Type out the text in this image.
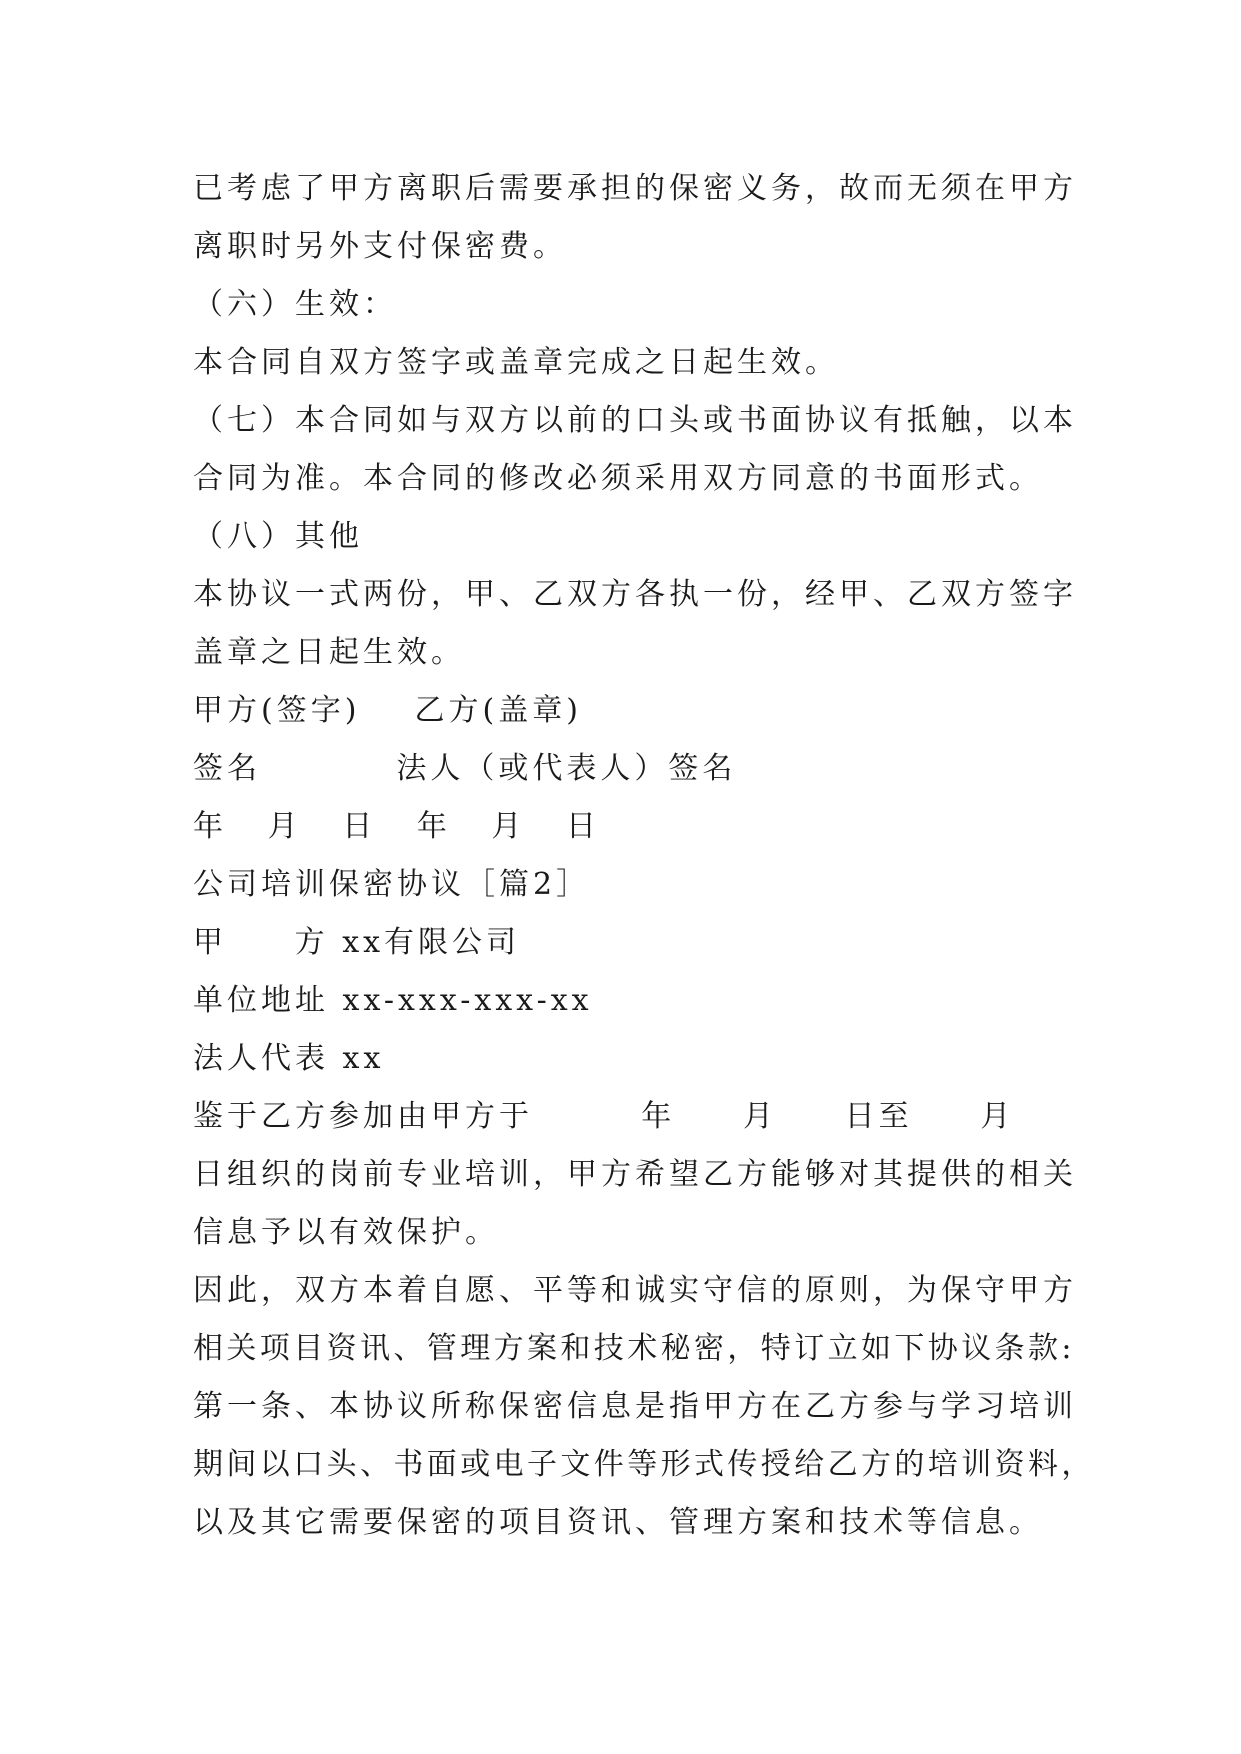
已考虑了甲方离职后需要承担的保密义务，故而无须在甲方
离职时另外支付保密费。
（六）生效：
本合同自双方签字或盖章完成之日起生效。
（七）本合同如与双方以前的口头或书面协议有抵触，以本
合同为准。本合同的修改必须采用双方同意的书面形式。
（八）其他
本协议一式两份，甲、乙双方各执一份，经甲、乙双方签字
盖章之日起生效。
甲方(签字)    乙方(盖章)
签名          法人（或代表人）签名
年   月   日   年   月   日
公司培训保密协议［篇2］
甲     方 xx有限公司
单位地址 xx-xxx-xxx-xx
法人代表 xx
鉴于乙方参加由甲方于        年     月     日至     月
日组织的岗前专业培训，甲方希望乙方能够对其提供的相关
信息予以有效保护。
因此，双方本着自愿、平等和诚实守信的原则，为保守甲方
相关项目资讯、管理方案和技术秘密，特订立如下协议条款:
第一条、本协议所称保密信息是指甲方在乙方参与学习培训
期间以口头、书面或电子文件等形式传授给乙方的培训资料，
以及其它需要保密的项目资讯、管理方案和技术等信息。
